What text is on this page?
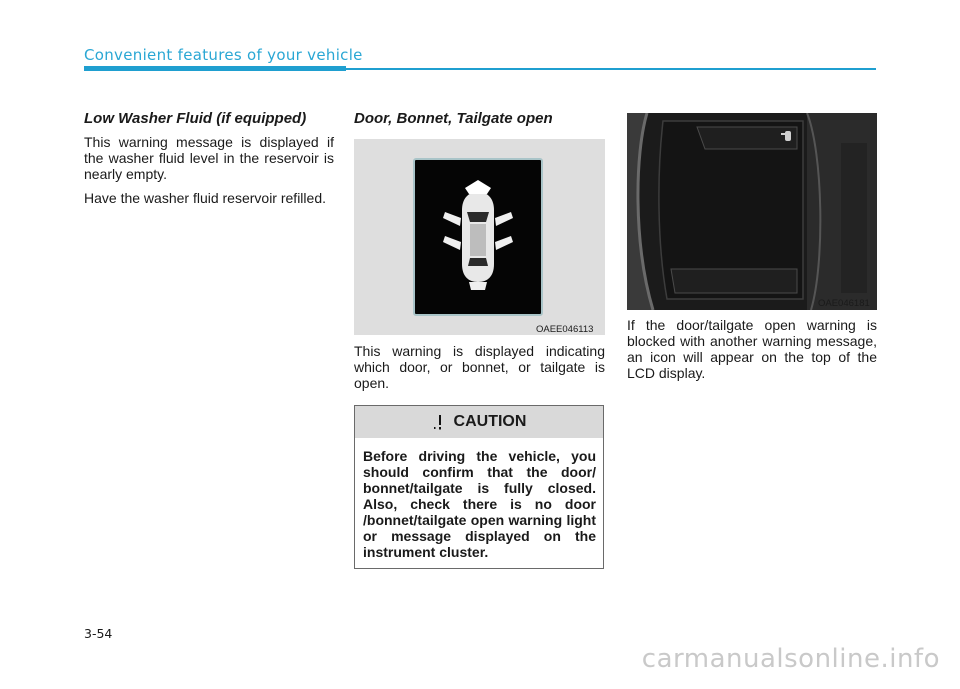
Convenient features of your vehicle
Low Washer Fluid (if equipped)

This warning message is displayed if the washer fluid level in the reservoir is nearly empty.

Have the washer fluid reservoir refilled.

Door, Bonnet, Tailgate open
OAEE046113

This warning is displayed indicating which door, or bonnet, or tailgate is open.

CAUTION
Before driving the vehicle, you should confirm that the door/ bonnet/tailgate is fully closed. Also, check there is no door /bonnet/tailgate open warning light or message displayed on the instrument cluster.
OAE046181

If the door/tailgate open warning is blocked with another warning message, an icon will appear on the top of the LCD display.

3-54
carmanualsonline.info
